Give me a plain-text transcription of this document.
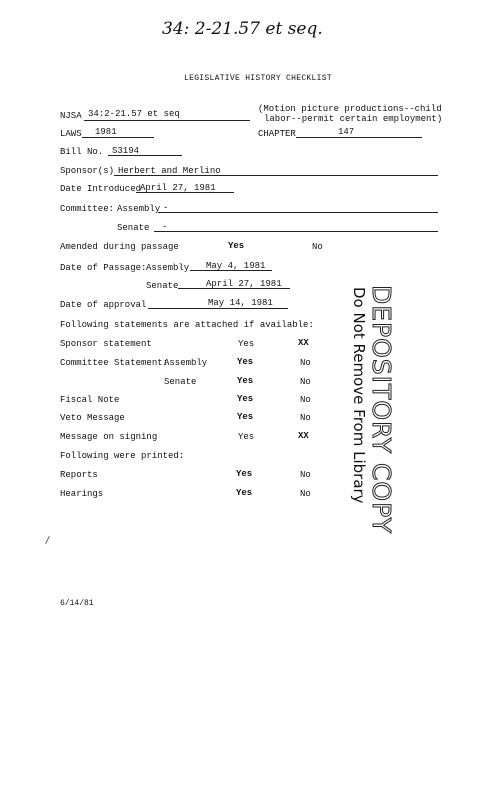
34: 2-21.57 et seq.
LEGISLATIVE HISTORY CHECKLIST
NJSA 34:2-21.57 et seq	(Motion picture productions--child
labor--permit certain employment)
LAWS 1981	CHAPTER	147
Bill No. S3194
Sponsor(s) Herbert and Merlino
Date Introduced
April 27, 1981
Committee: Assembly -
Senate -
Amended during passage	Yes	No
Date of Passage: Assembly May 4, 1981
Senate	April 27, 1981
Date of approval	May 14, 1981
Following statements are attached if available:
Sponsor statement	Yes	XX
Committee Statement:
Assembly	Yes	No
Senate	Yes	No
Fiscal Note	Yes	No
Veto Message	Yes	No
Message on signing	Yes	XX
Following were printed:
Reports	Yes	No
Hearings	Yes	No DEPOSITORY COPY
Do Not Remove From Library
/
6/14/81
